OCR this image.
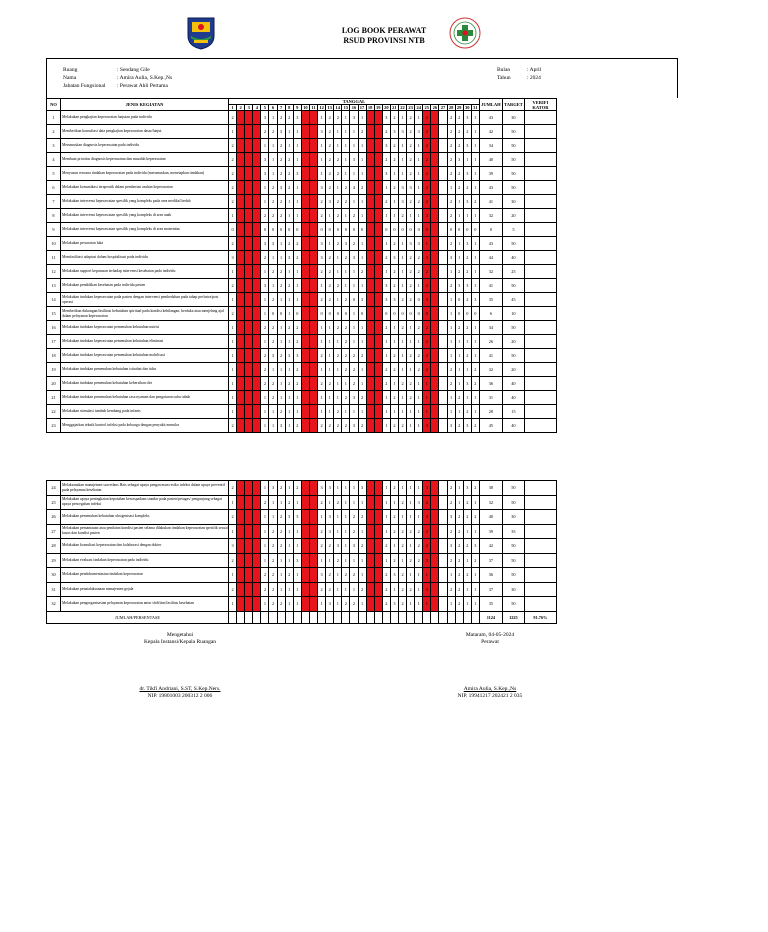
LOG BOOK PERAWAT
RSUD PROVINSI NTB
Ruang	: Sendang Gile
Nama	: Amira Aulia, S.Kep.,Ns
Jabatan Fungsional : Perawat Ahli Pertama
Bulan	: April
Tahun	: 2024
NO	JENIS KEGIATAN	TANGGAL																															JUMLAH	TARGET	VERIFI KATOR
		1	2	3	4	5	6	7	8	9	10	11	12	13	14	15	16	17	18	19	20	21	22	23	24	25	26	27	28	29	30	31			
1	Melakukan pengkajian keperawatan lanjutan pada individu	2				3	1	2	2	3			1	2	2	1	3	1			3	2	1	2	1	2			2	2	3	1	43	30	
2	Memberikan konsultasi data pengkajian keperawatan dasar/lanjut	1				2	2	3	1	1			3	2	1	1	1	2			2	3	3	2	3	2			2	2	2	1	42	50	
3	Merumuskan diagnosis keperawatan pada individu	2				1	1	2	1	1			1	2	1	1	1	1			3	2	1	2	1	2			2	2	3	1	34	50	
4	Membuat prioritas diagnosis keperawatan dan masalah keperawatan	2				3	1	2	2	1			1	2	2	1	3	1			2	2	1	2	1	2			2	3	1	1	40	50	
5	Menyusun rencana tindakan keperawatan pada individu (merumuskan, menetapkan tindakan)	2				3	1	2	2	3			1	2	2	1	1	1			3	1	1	2	1	2			2	2	3	1	39	50	
6	Melakukan komunikasi terapeutik dalam pemberian asuhan keperawatan	2				1	2	3	2	1			3	2	1	2	4	2			1	2	3	3	1	2			1	2	2	1	43	50	
7	Melakukan intervensi keperawatan spesifik yang kompleks pada area medikal bedah	2				1	2	2	1	1			2	3	2	2	1	1			2	1	3	2	2	2			2	1	3	2	41	30	
8	Melakukan intervensi keperawatan spesifik yang kompleks di area anak	1				2	2	2	1	1			2	1	2	1	2	1			1	1	2	1	1	3			2	1	1	1	32	20	
9	Melakukan intervensi keperawatan spesifik yang kompleks di area maternitas	0				0	0	0	0	0			0	0	0	0	0	0			0	0	0	0	0	0			0	0	0	0	0	5	
10	Melakukan perawatan luka	2				3	3	1	2	2			3	1	2	3	2	1			1	2	1	3	3	1			2	1	3	1	43	50	
11	Memfasilitasi adaptasi dalam hospitalisasi pada individu	3				2	1	1	3	2			3	2	1	2	3	1			2	3	1	2	2	3			3	1	2	1	44	40	
12	Melakukan support keputusan terhadap intervensi kesehatan pada individu	1				1	2	2	1	1			2	2	1	1	1	2			1	2	1	2	2	2			1	2	2	1	32	25	
13	Melakukan pendidikan kesehatan pada individu pasien	2				3	1	2	2	1			1	2	2	1	1	1			3	2	1	2	1	2			2	3	3	1	41	50	
14	Melakukan tindakan keperawatan pada pasien dengan intervensi pembedahan pada tahap pre/intra/post operasi	1				1	2	1	1	1			2	2	1	2	0	3			3	3	2	2	0	3			1	0	2	3	35	45	
15	Memberikan dukungan/fasilitasi kebutuhan spiritual pada kondisi kehilangan, berduka atau menjelang ajal dalam pelayanan keperawatan	2				1	0	0	1	0			0	0	0	0	1	0			0	0	0	0	0	0			1	0	0	0	6	10	
16	Melakukan tindakan keperawatan pemenuhan kebutuhan nutrisi	1				2	2	1	2	2			1	1	2	2	1	1			2	1	2	1	2	2			1	2	2	1	34	50	
17	Melakukan tindakan keperawatan pemenuhan kebutuhan eliminasi	1				1	2	1	1	2			1	1	1	2	1	1			1	1	1	1	1	2			1	1	1	1	26	20	
18	Melakukan tindakan keperawatan pemenuhan kebutuhan mobilisasi	1				2	3	2	3	3			2	1	2	2	2	2			1	2	1	2	2	2			1	1	2	1	41	50	
19	Melakukan tindakan pemenuhan kebutuhan istirahat dan tidur	1				2	1	1	1	2			1	1	1	2	2	1			2	2	1	1	2	2			2	1	1	2	32	20	
20	Melakukan tindakan pemenuhan kebutuhan kebersihan diri	1				2	2	1	2	2			2	2	1	1	2	1			2	1	2	2	1	1			2	1	3	2	36	40	
21	Melakukan tindakan pemenuhan kebutuhan rasa nyaman dan pengaturan suhu tubuh	1				1	2	1	1	1			1	1	1	2	3	2			1	2	1	2	1	1			1	2	1	1	31	40	
22	Melakukan stimulasi tumbuh kembang pada infants	1				1	1	2	1	1			1	1	2	1	1	1			1	1	1	1	1	1			1	1	2	1	28	15	
23	Menggajarkan teknik kontrol infeksi pada keluarga dengan penyakit menular	2				1	1	3	1	2			2	2	2	2	3	2			1	2	2	1	1	3			3	2	3	2	45	40	
24	Melaksanakan manajemen surveilans Hais sebagai upaya pengawasan resiko infeksi dalam upaya preventif pada pelayanan kesehatan	2				1	3	2	1	2			3	3	1	1	1	3			1	2	1	1	1	3			2	1	3	2	38	50	
25	Melakukan upaya peningkatan kepatuhan kewaspadaan standar pada pasien/petugas/ pengunjung sebagai upaya pencegahan infeksi	1				2	1	1	2	1			2	1	2	1	1	1			1	1	2	1	3	2			2	1	2	1	32	50	
26	Melakukan pemenuhan kebutuhan oksigenisasi kompleks	2				1	1	2	3	3			1	3	1	1	2	2			1	2	1	1	1	3			3	2	2	2	40	30	
27	Melakukan pemantauan atau penilaian kondisi pasien selama dilakukan tindakan keperawatan spesifik sesuai kasus dan kondisi pasien	1				1	2	2	1	1			2	3	1	1	2	1			1	2	2	2	2	2			2	2	1	1	39	35	
28	Melakukan konsultasi keperawatan dan kolaborasi dengan dokter	3				1	2	2	1	1			2	2	3	1	3	2			2	1	2	1	2	2			3	2	2	3	42	50	
29	Melakukan evaluasi tindakan keperawatan pada individu	2				1	2	1	1	3			1	1	2	1	1	1			1	2	1	2	2	3			2	2	1	2	37	50	
30	Melakukan pendokumentasian tindakan keperawatan	1				2	2	1	2	1			3	2	1	2	2	1			2	3	2	1	1	1			1	2	2	1	36	50	
31	Melakukan penatalaksanaan manajemen gejala	2				2	2	1	1	1			2	2	1	1	1	2			2	1	2	2	1	3			2	2	1	1	37	30	
32	Melakukan pengorganisasian pelayanan keperawatan antar shift/tim/fasilitas kesehatan	1				1	2	2	1	1			1	3	1	2	2	1			2	3	2	1	1	1			1	2	1	1	35	50	
JUMLAH/PERSENTASE																																	1124	1225	91.76%
Mengetahui
Kepala Instansi/Kepala Ruangan
dr. Tikfi Andriani, S.ST, S.Kep.Ners.
NIP. 19801003 200312 2 006
Mataram, 04-05-2024
Perawat
Amira Aulia, S.Kep.,Ns
NIP. 19941217 202421 2 035
